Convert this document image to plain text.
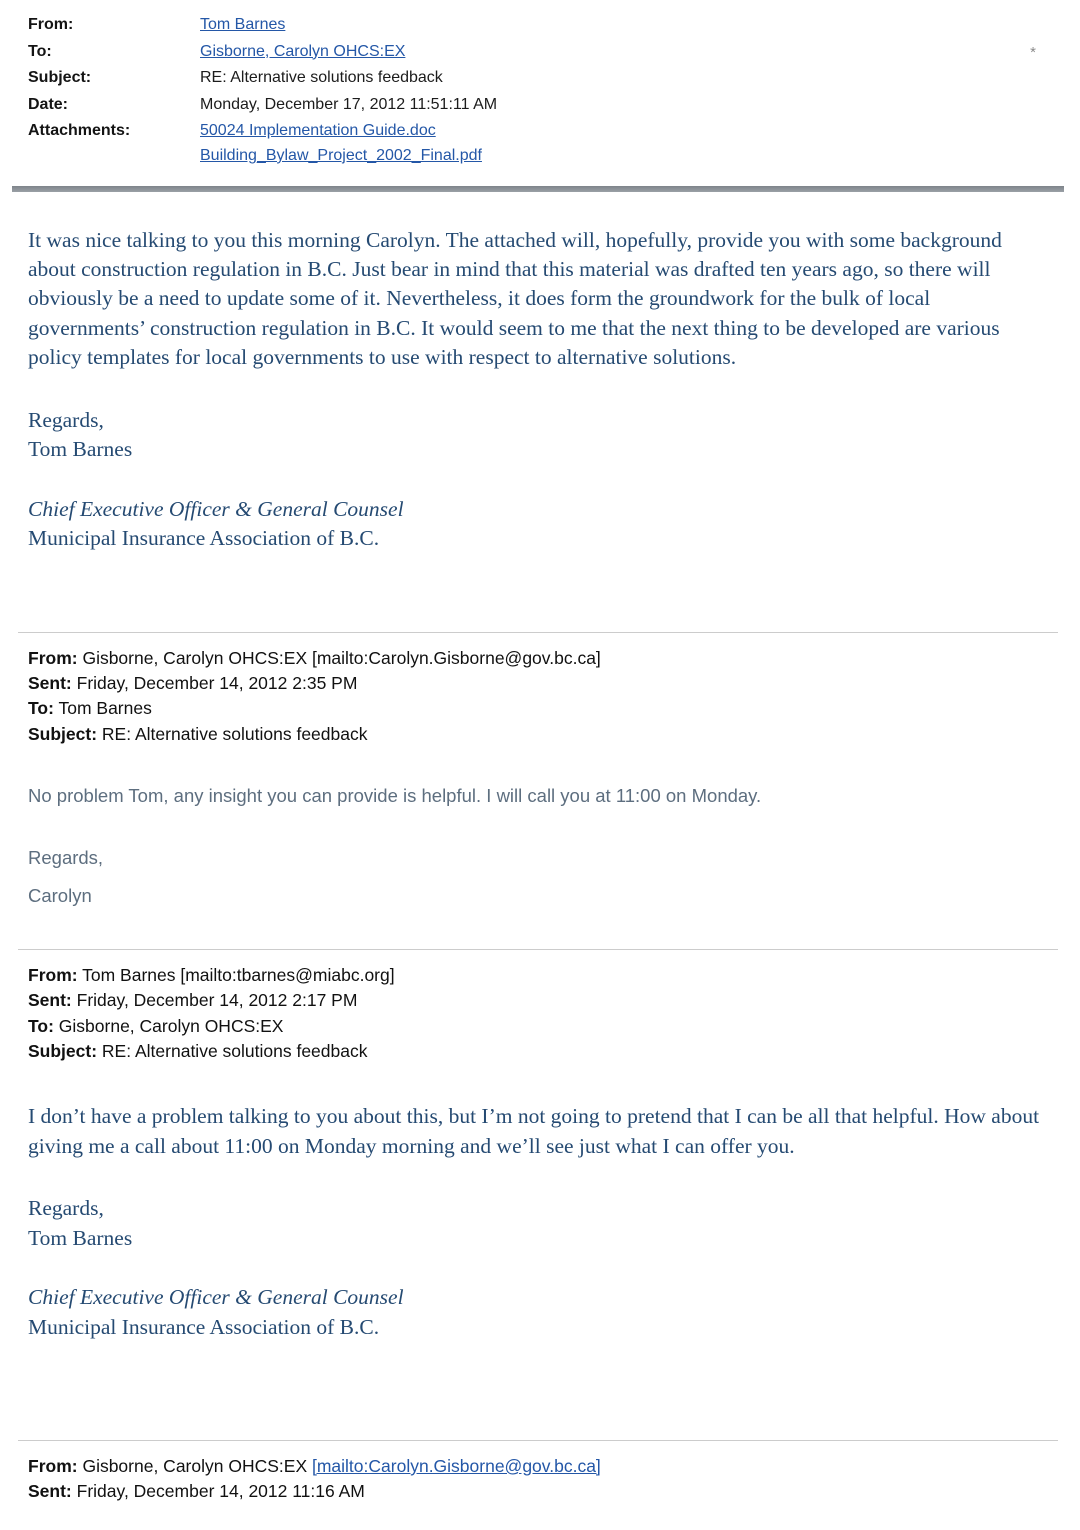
*
From:	Tom Barnes
To:	Gisborne, Carolyn OHCS:EX
Subject:	RE: Alternative solutions feedback
Date:	Monday, December 17, 2012 11:51:11 AM
Attachments:	50024 Implementation Guide.doc
Building_Bylaw_Project_2002_Final.pdf
It was nice talking to you this morning Carolyn. The attached will, hopefully, provide you with some background about construction regulation in B.C. Just bear in mind that this material was drafted ten years ago, so there will obviously be a need to update some of it. Nevertheless, it does form the groundwork for the bulk of local governments’ construction regulation in B.C. It would seem to me that the next thing to be developed are various policy templates for local governments to use with respect to alternative solutions.
Regards,
Tom Barnes
Chief Executive Officer & General Counsel
Municipal Insurance Association of B.C.
From: Gisborne, Carolyn OHCS:EX [mailto:Carolyn.Gisborne@gov.bc.ca]
Sent: Friday, December 14, 2012 2:35 PM
To: Tom Barnes
Subject: RE: Alternative solutions feedback
No problem Tom, any insight you can provide is helpful. I will call you at 11:00 on Monday.
Regards,
Carolyn
From: Tom Barnes [mailto:tbarnes@miabc.org]
Sent: Friday, December 14, 2012 2:17 PM
To: Gisborne, Carolyn OHCS:EX
Subject: RE: Alternative solutions feedback
I don’t have a problem talking to you about this, but I’m not going to pretend that I can be all that helpful. How about giving me a call about 11:00 on Monday morning and we’ll see just what I can offer you.
Regards,
Tom Barnes
Chief Executive Officer & General Counsel
Municipal Insurance Association of B.C.
From: Gisborne, Carolyn OHCS:EX [mailto:Carolyn.Gisborne@gov.bc.ca]
Sent: Friday, December 14, 2012 11:16 AM
